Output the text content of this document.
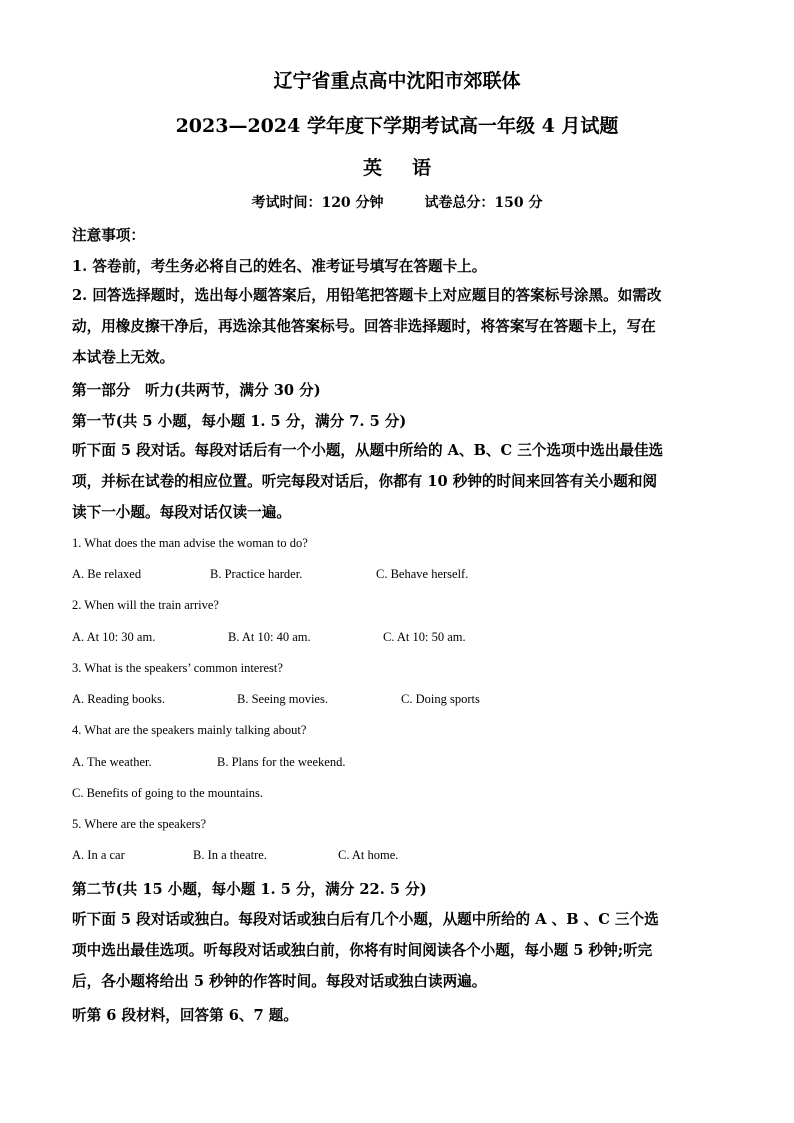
辽宁省重点高中沈阳市郊联体
2023—2024 学年度下学期考试高一年级 4 月试题
英语
考试时间：120 分钟	试卷总分：150 分
注意事项：
1. 答卷前，考生务必将自己的姓名、准考证号填写在答题卡上。
2. 回答选择题时，选出每小题答案后，用铅笔把答题卡上对应题目的答案标号涂黑。如需改
动，用橡皮擦干净后，再选涂其他答案标号。回答非选择题时，将答案写在答题卡上，写在
本试卷上无效。
第一部分　听力(共两节，满分 30 分)
第一节(共 5 小题，每小题 1. 5 分，满分 7. 5 分)
听下面 5 段对话。每段对话后有一个小题，从题中所给的 A、B、C 三个选项中选出最佳选
项，并标在试卷的相应位置。听完每段对话后，你都有 10 秒钟的时间来回答有关小题和阅
读下一小题。每段对话仅读一遍。
1. What does the man advise the woman to do?
A. Be relaxed	B. Practice harder.	C. Behave herself.
2. When will the train arrive?
A. At 10: 30 am.	B. At 10: 40 am.	C. At 10: 50 am.
3. What is the speakers’ common interest?
A. Reading books.	B. Seeing movies.	C. Doing sports
4. What are the speakers mainly talking about?
A. The weather.	B. Plans for the weekend.
C. Benefits of going to the mountains.
5. Where are the speakers?
A. In a car	B. In a theatre.	C. At home.
第二节(共 15 小题，每小题 1. 5 分，满分 22. 5 分)
听下面 5 段对话或独白。每段对话或独白后有几个小题，从题中所给的 A 、B 、C 三个选
项中选出最佳选项。听每段对话或独白前，你将有时间阅读各个小题，每小题 5 秒钟;听完
后，各小题将给出 5 秒钟的作答时间。每段对话或独白读两遍。
听第 6 段材料，回答第 6、7 题。
